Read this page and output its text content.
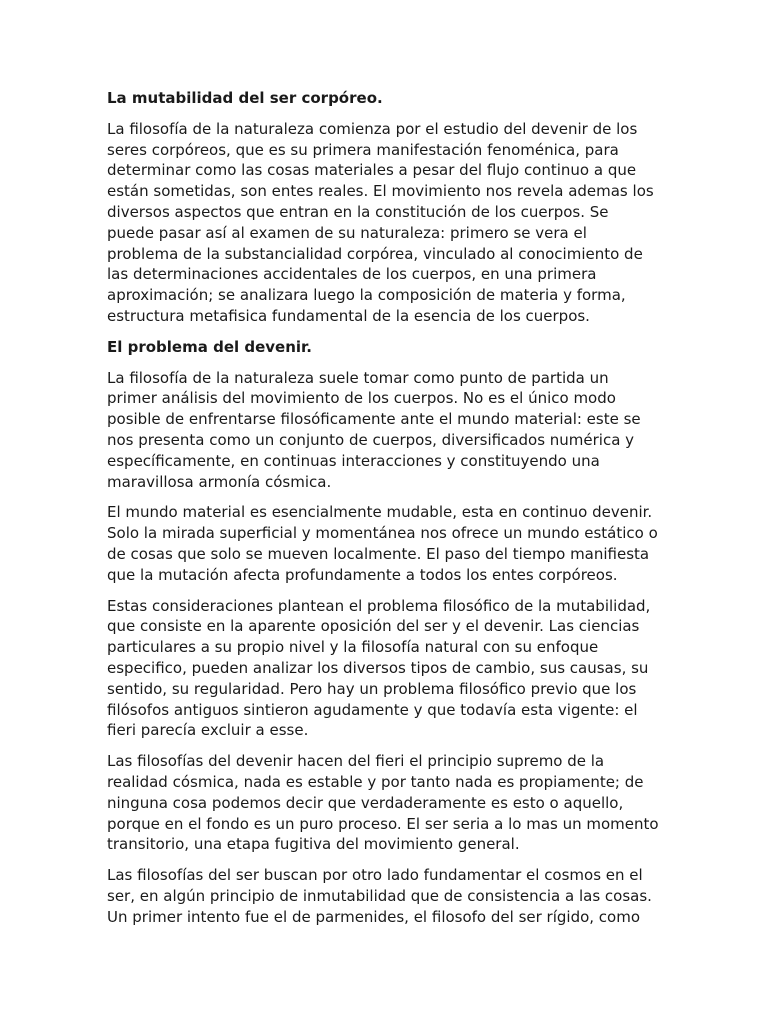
La mutabilidad del ser corpóreo.
La filosofía de la naturaleza comienza por el estudio del devenir de los
seres corpóreos, que es su primera manifestación fenoménica, para
determinar como las cosas materiales a pesar del flujo continuo a que
están sometidas, son entes reales. El movimiento nos revela ademas los
diversos aspectos que entran en la constitución de los cuerpos. Se
puede pasar así al examen de su naturaleza: primero se vera el
problema de la substancialidad corpórea, vinculado al conocimiento de
las determinaciones accidentales de los cuerpos, en una primera
aproximación; se analizara luego la composición de materia y forma,
estructura metafisica fundamental de la esencia de los cuerpos.
El problema del devenir.
La filosofía de la naturaleza suele tomar como punto de partida un
primer análisis del movimiento de los cuerpos. No es el único modo
posible de enfrentarse filosóficamente ante el mundo material: este se
nos presenta como un conjunto de cuerpos, diversificados numérica y
específicamente, en continuas interacciones y constituyendo una
maravillosa armonía cósmica.
El mundo material es esencialmente mudable, esta en continuo devenir.
Solo la mirada superficial y momentánea nos ofrece un mundo estático o
de cosas que solo se mueven localmente. El paso del tiempo manifiesta
que la mutación afecta profundamente a todos los entes corpóreos.
Estas consideraciones plantean el problema filosófico de la mutabilidad,
que consiste en la aparente oposición del ser y el devenir. Las ciencias
particulares a su propio nivel y la filosofía natural con su enfoque
especifico, pueden analizar los diversos tipos de cambio, sus causas, su
sentido, su regularidad. Pero hay un problema filosófico previo que los
filósofos antiguos sintieron agudamente y que todavía esta vigente: el
fieri parecía excluir a esse.
Las filosofías del devenir hacen del fieri el principio supremo de la
realidad cósmica, nada es estable y por tanto nada es propiamente; de
ninguna cosa podemos decir que verdaderamente es esto o aquello,
porque en el fondo es un puro proceso. El ser seria a lo mas un momento
transitorio, una etapa fugitiva del movimiento general.
Las filosofías del ser buscan por otro lado fundamentar el cosmos en el
ser, en algún principio de inmutabilidad que de consistencia a las cosas.
Un primer intento fue el de parmenides, el filosofo del ser rígido, como
